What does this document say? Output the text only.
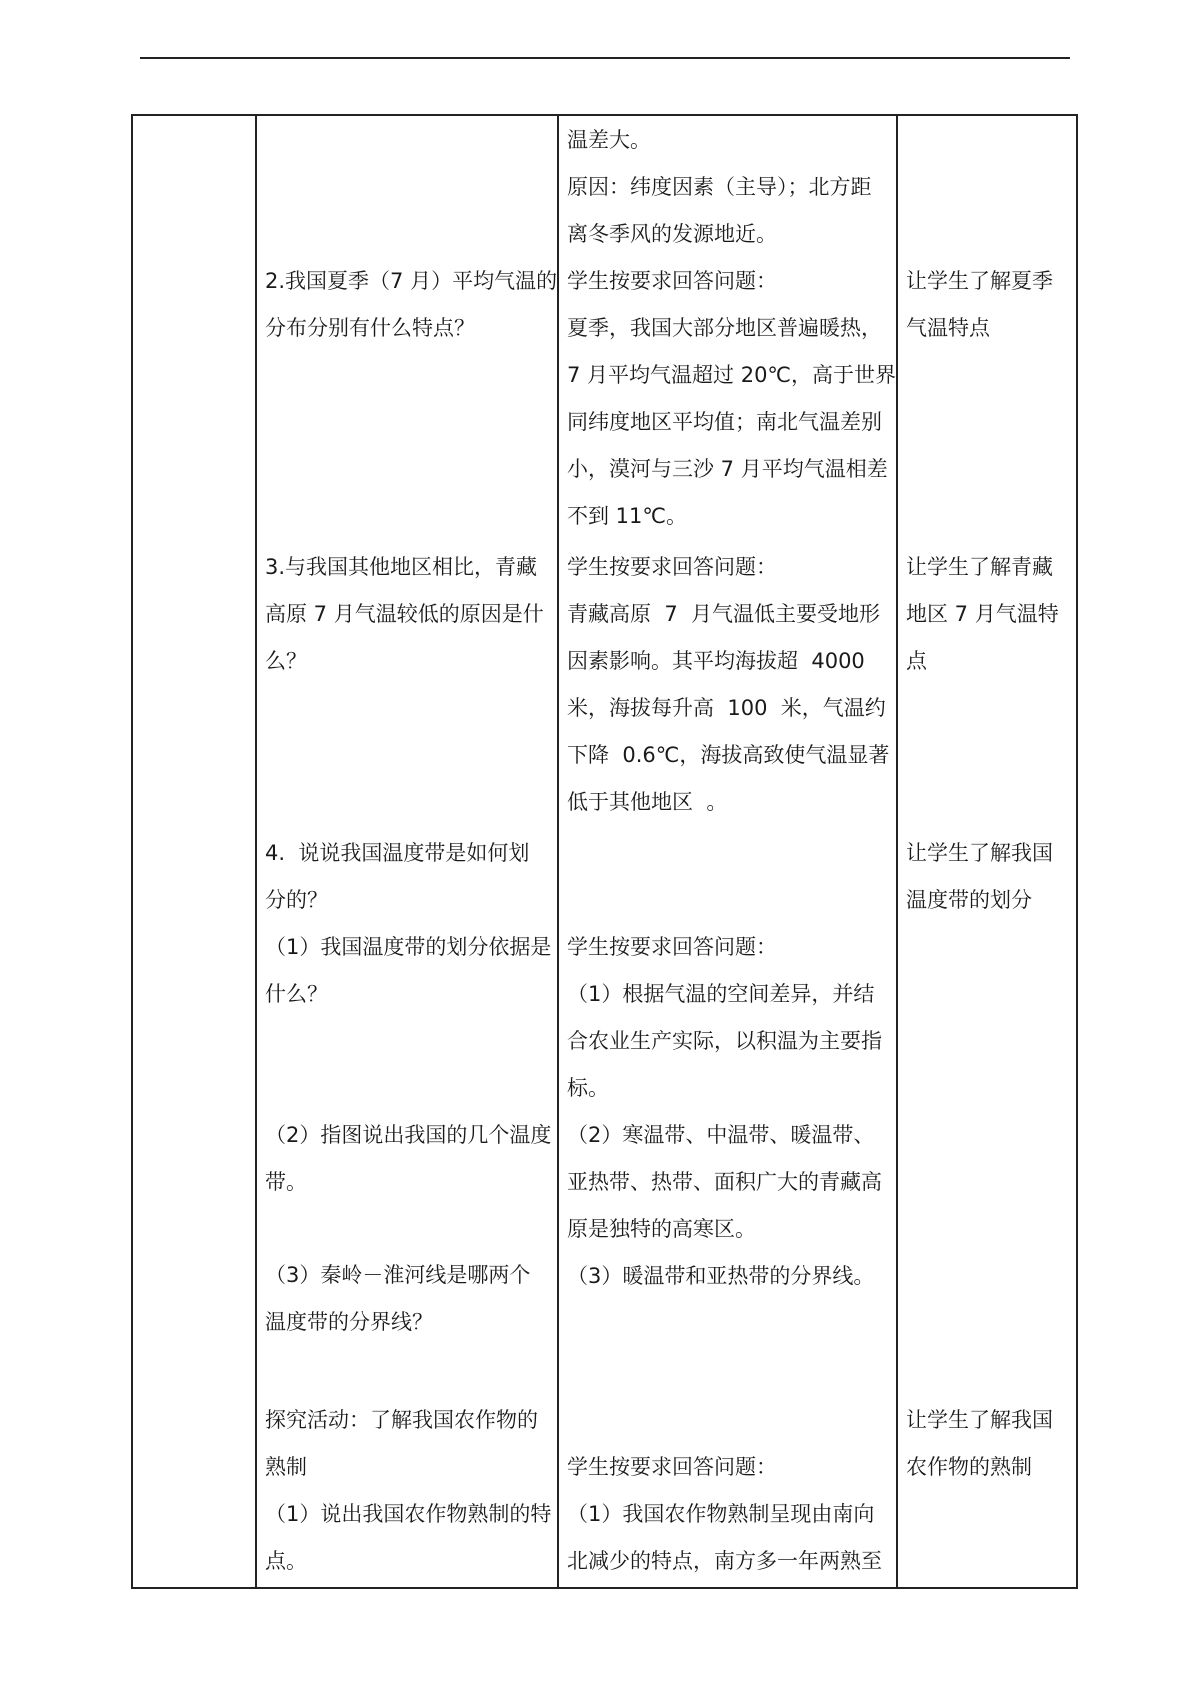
2.我国夏季（7 月）平均气温的
分布分别有什么特点？
3.与我国其他地区相比，青藏
高原 7 月气温较低的原因是什
么？
4.  说说我国温度带是如何划
分的？
（1）我国温度带的划分依据是
什么？
（2）指图说出我国的几个温度
带。
（3）秦岭－淮河线是哪两个
温度带的分界线？
探究活动：了解我国农作物的
熟制
（1）说出我国农作物熟制的特
点。
温差大。
原因：纬度因素（主导）；北方距
离冬季风的发源地近。
学生按要求回答问题：
夏季，我国大部分地区普遍暖热，
7 月平均气温超过 20℃，高于世界
同纬度地区平均值；南北气温差别
小，漠河与三沙 7 月平均气温相差
不到 11℃。
学生按要求回答问题：
青藏高原  7  月气温低主要受地形
因素影响。其平均海拔超  4000
米，海拔每升高  100  米，气温约
下降  0.6℃，海拔高致使气温显著
低于其他地区  。
学生按要求回答问题：
（1）根据气温的空间差异，并结
合农业生产实际，以积温为主要指
标。
（2）寒温带、中温带、暖温带、
亚热带、热带、面积广大的青藏高
原是独特的高寒区。
（3）暖温带和亚热带的分界线。
学生按要求回答问题：
（1）我国农作物熟制呈现由南向
北减少的特点，南方多一年两熟至
让学生了解夏季
气温特点
让学生了解青藏
地区 7 月气温特
点
让学生了解我国
温度带的划分
让学生了解我国
农作物的熟制
